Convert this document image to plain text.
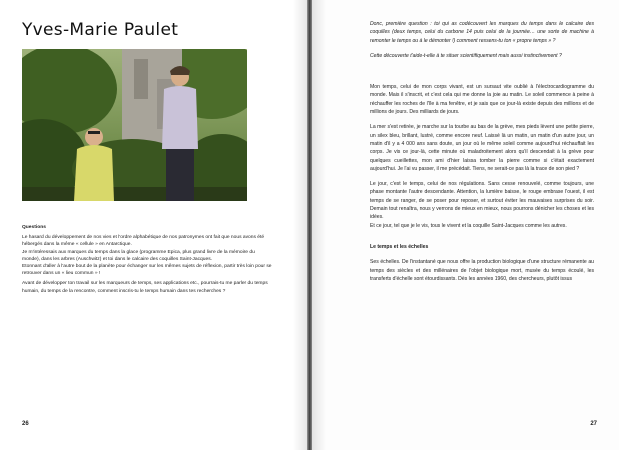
Yves-Marie Paulet

Questions

Le hasard du développement de nos vies et l'ordre alphabétique de nos patronymes ont fait que nous avons été hébergés dans la même « cellule » en Antarctique.

Je m'intéressais aux marques du temps dans la glace (programme Epica, plus grand livre de la mémoire du monde), dans les arbres (Auschwitz) et toi dans le calcaire des coquilles Saint-Jacques.

Etonnant d'aller à l'autre bout de la planète pour échanger sur les mêmes sujets de réflexion, partir très loin pour se retrouver dans un « lieu commun » !

Avant de développer ton travail sur les marqueurs de temps, ses applications etc., pourrais-tu me parler du temps humain, du temps de la rencontre, comment inscris-tu le temps humain dans tes recherches ?

26

Donc, première question : toi qui as codécouvert les marques du temps dans le calcaire des coquilles (deux temps, celui du carbone 14 puis celui de la journée… une sorte de machine à remonter le temps ou à le démonter !) comment ressens-tu ton « propre temps » ?

Cette découverte t'aide-t-elle à te situer scientifiquement mais aussi instinctivement ?

Mon temps, celui de mon corps vivant, est un sursaut vite oublié à l'électrocardiogramme du monde. Mais il s'inscrit, et c'est cela qui me donne la joie au matin. Le soleil commence à peine à réchauffer les roches de l'île à ma fenêtre, et je sais que ce jour-là existe depuis des millions et de millions de jours. Des milliards de jours.

La mer s'est retirée, je marche sur la tourbe au bas de la grève, mes pieds lèvent une petite pierre, un silex bleu, brillant, lustré, comme encore neuf. Laissé là un matin, un matin d'un autre jour, un matin d'il y a 4 000 ans sans doute, un jour où le même soleil comme aujourd'hui réchauffait les corps. Je vis ce jour-là, cette minute où maladroitement alors qu'il descendait à la grève pour quelques cueillettes, mon ami d'hier laissa tomber la pierre comme si c'était exactement aujourd'hui. Je l'ai vu passer, il me précédait. Tiens, ne serait-ce pas là la trace de son pied ?

Le jour, c'est le temps, celui de nos régulations. Sans cesse renouvelé, comme toujours, une phase montante l'autre descendante. Attention, la lumière baisse, le rouge embrase l'ouest, il est temps de se ranger, de se poser pour reposer, et surtout éviter les mauvaises surprises du soir. Demain tout renaîtra, nous y verrons de mieux en mieux, nous pourrons dénicher les choses et les idées.

Et ce jour, tel que je le vis, tous le vivent et la coquille Saint-Jacques comme les autres.

Le temps et les échelles

Ses échelles. De l'instantané que nous offre la production biologique d'une structure rémanente au temps des siècles et des millénaires de l'objet biologique mort, musée du temps écoulé, les transferts d'échelle sont étourdissants. Dès les années 1960, des chercheurs, plutôt issus

27
